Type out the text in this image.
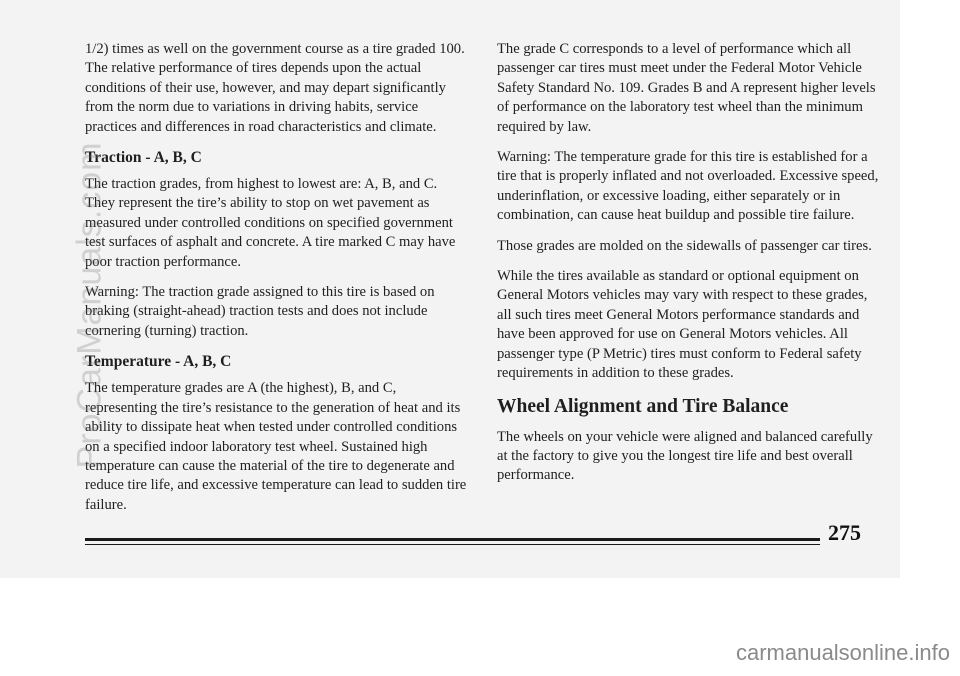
1/2) times as well on the government course as a tire graded 100. The relative performance of tires depends upon the actual conditions of their use, however, and may depart significantly from the norm due to variations in driving habits, service practices and differences in road characteristics and climate.

Traction - A, B, C

The traction grades, from highest to lowest are: A, B, and C. They represent the tire’s ability to stop on wet pavement as measured under controlled conditions on specified government test surfaces of asphalt and concrete. A tire marked C may have poor traction performance.

Warning: The traction grade assigned to this tire is based on braking (straight-ahead) traction tests and does not include cornering (turning) traction.

Temperature - A, B, C

The temperature grades are A (the highest), B, and C, representing the tire’s resistance to the generation of heat and its ability to dissipate heat when tested under controlled conditions on a specified indoor laboratory test wheel. Sustained high temperature can cause the material of the tire to degenerate and reduce tire life, and excessive temperature can lead to sudden tire failure.

The grade C corresponds to a level of performance which all passenger car tires must meet under the Federal Motor Vehicle Safety Standard No. 109. Grades B and A represent higher levels of performance on the laboratory test wheel than the minimum required by law.

Warning: The temperature grade for this tire is established for a tire that is properly inflated and not overloaded. Excessive speed, underinflation, or excessive loading, either separately or in combination, can cause heat buildup and possible tire failure.

Those grades are molded on the sidewalls of passenger car tires.

While the tires available as standard or optional equipment on General Motors vehicles may vary with respect to these grades, all such tires meet General Motors performance standards and have been approved for use on General Motors vehicles. All passenger type (P Metric) tires must conform to Federal safety requirements in addition to these grades.

Wheel Alignment and Tire Balance

The wheels on your vehicle were aligned and balanced carefully at the factory to give you the longest tire life and best overall performance.

275
ProCarManuals.com
carmanualsonline.info
